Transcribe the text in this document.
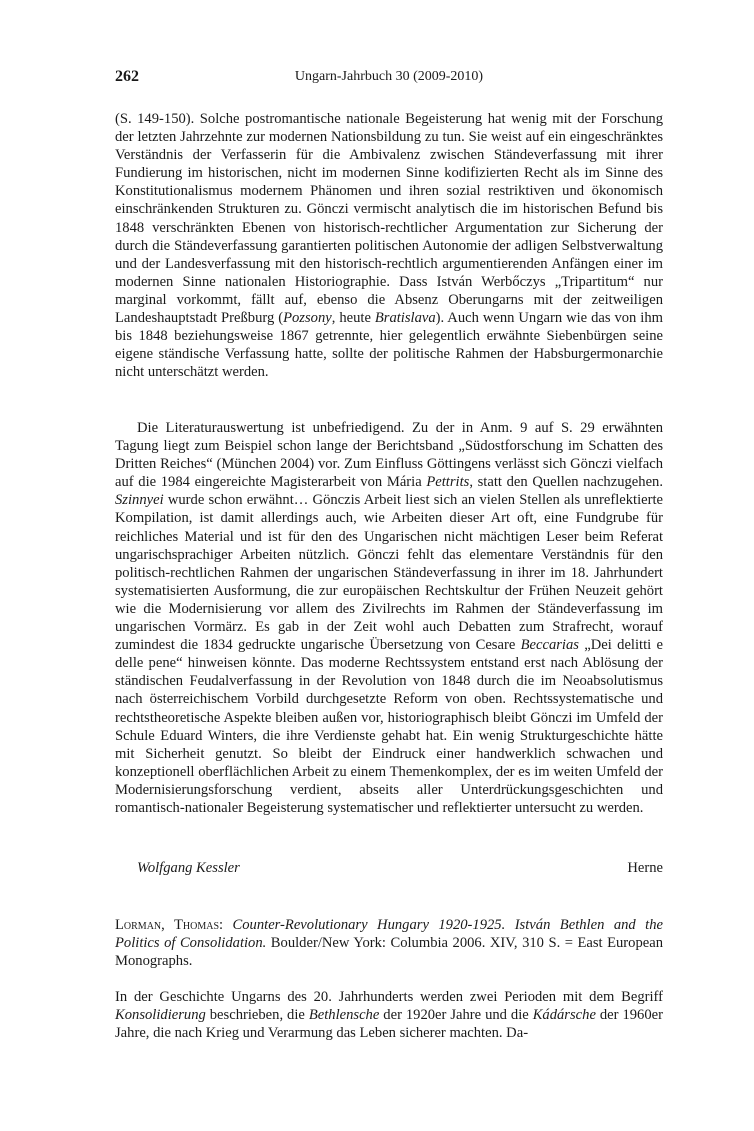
262	Ungarn-Jahrbuch 30 (2009-2010)

(S. 149-150). Solche postromantische nationale Begeisterung hat wenig mit der Forschung der letzten Jahrzehnte zur modernen Nationsbildung zu tun. Sie weist auf ein eingeschränktes Verständnis der Verfasserin für die Ambivalenz zwischen Ständeverfassung mit ihrer Fundierung im historischen, nicht im modernen Sinne kodifizierten Recht als im Sinne des Konstitutionalismus modernem Phänomen und ihren sozial restriktiven und ökonomisch einschränkenden Strukturen zu. Gönczi vermischt analytisch die im historischen Befund bis 1848 verschränkten Ebenen von historisch-rechtlicher Argumentation zur Sicherung der durch die Ständeverfassung garantierten politischen Autonomie der adligen Selbstverwaltung und der Landesverfassung mit den historisch-rechtlich argumentierenden Anfängen einer im modernen Sinne nationalen Historiographie. Dass István Werbőczys „Tripartitum“ nur marginal vorkommt, fällt auf, ebenso die Absenz Oberungarns mit der zeitweiligen Landeshauptstadt Preßburg (Pozsony, heute Bratislava). Auch wenn Ungarn wie das von ihm bis 1848 beziehungsweise 1867 getrennte, hier gelegentlich erwähnte Siebenbürgen seine eigene ständische Verfassung hatte, sollte der politische Rahmen der Habsburgermonarchie nicht unterschätzt werden.

Die Literaturauswertung ist unbefriedigend. Zu der in Anm. 9 auf S. 29 erwähnten Tagung liegt zum Beispiel schon lange der Berichtsband „Südostforschung im Schatten des Dritten Reiches“ (München 2004) vor. Zum Einfluss Göttingens verlässt sich Gönczi vielfach auf die 1984 eingereichte Magisterarbeit von Mária Pettrits, statt den Quellen nachzugehen. Szinnyei wurde schon erwähnt… Gönczis Arbeit liest sich an vielen Stellen als unreflektierte Kompilation, ist damit allerdings auch, wie Arbeiten dieser Art oft, eine Fundgrube für reichliches Material und ist für den des Ungarischen nicht mächtigen Leser beim Referat ungarischsprachiger Arbeiten nützlich. Gönczi fehlt das elementare Verständnis für den politisch-rechtlichen Rahmen der ungarischen Ständeverfassung in ihrer im 18. Jahrhundert systematisierten Ausformung, die zur europäischen Rechtskultur der Frühen Neuzeit gehört wie die Modernisierung vor allem des Zivilrechts im Rahmen der Ständeverfassung im ungarischen Vormärz. Es gab in der Zeit wohl auch Debatten zum Strafrecht, worauf zumindest die 1834 gedruckte ungarische Übersetzung von Cesare Beccarias „Dei delitti e delle pene“ hinweisen könnte. Das moderne Rechtssystem entstand erst nach Ablösung der ständischen Feudalverfassung in der Revolution von 1848 durch die im Neoabsolutismus nach österreichischem Vorbild durchgesetzte Reform von oben. Rechtssystematische und rechtstheoretische Aspekte bleiben außen vor, historiographisch bleibt Gönczi im Umfeld der Schule Eduard Winters, die ihre Verdienste gehabt hat. Ein wenig Strukturgeschichte hätte mit Sicherheit genutzt. So bleibt der Eindruck einer handwerklich schwachen und konzeptionell oberflächlichen Arbeit zu einem Themenkomplex, der es im weiten Umfeld der Modernisierungsforschung verdient, abseits aller Unterdrückungsgeschichten und romantisch-nationaler Begeisterung systematischer und reflektierter untersucht zu werden.

Wolfgang Kessler	Herne

Lorman, Thomas: Counter-Revolutionary Hungary 1920-1925. István Bethlen and the Politics of Consolidation. Boulder/New York: Columbia 2006. XIV, 310 S. = East European Monographs.

In der Geschichte Ungarns des 20. Jahrhunderts werden zwei Perioden mit dem Begriff Konsolidierung beschrieben, die Bethlensche der 1920er Jahre und die Kádársche der 1960er Jahre, die nach Krieg und Verarmung das Leben sicherer machten. Da-
